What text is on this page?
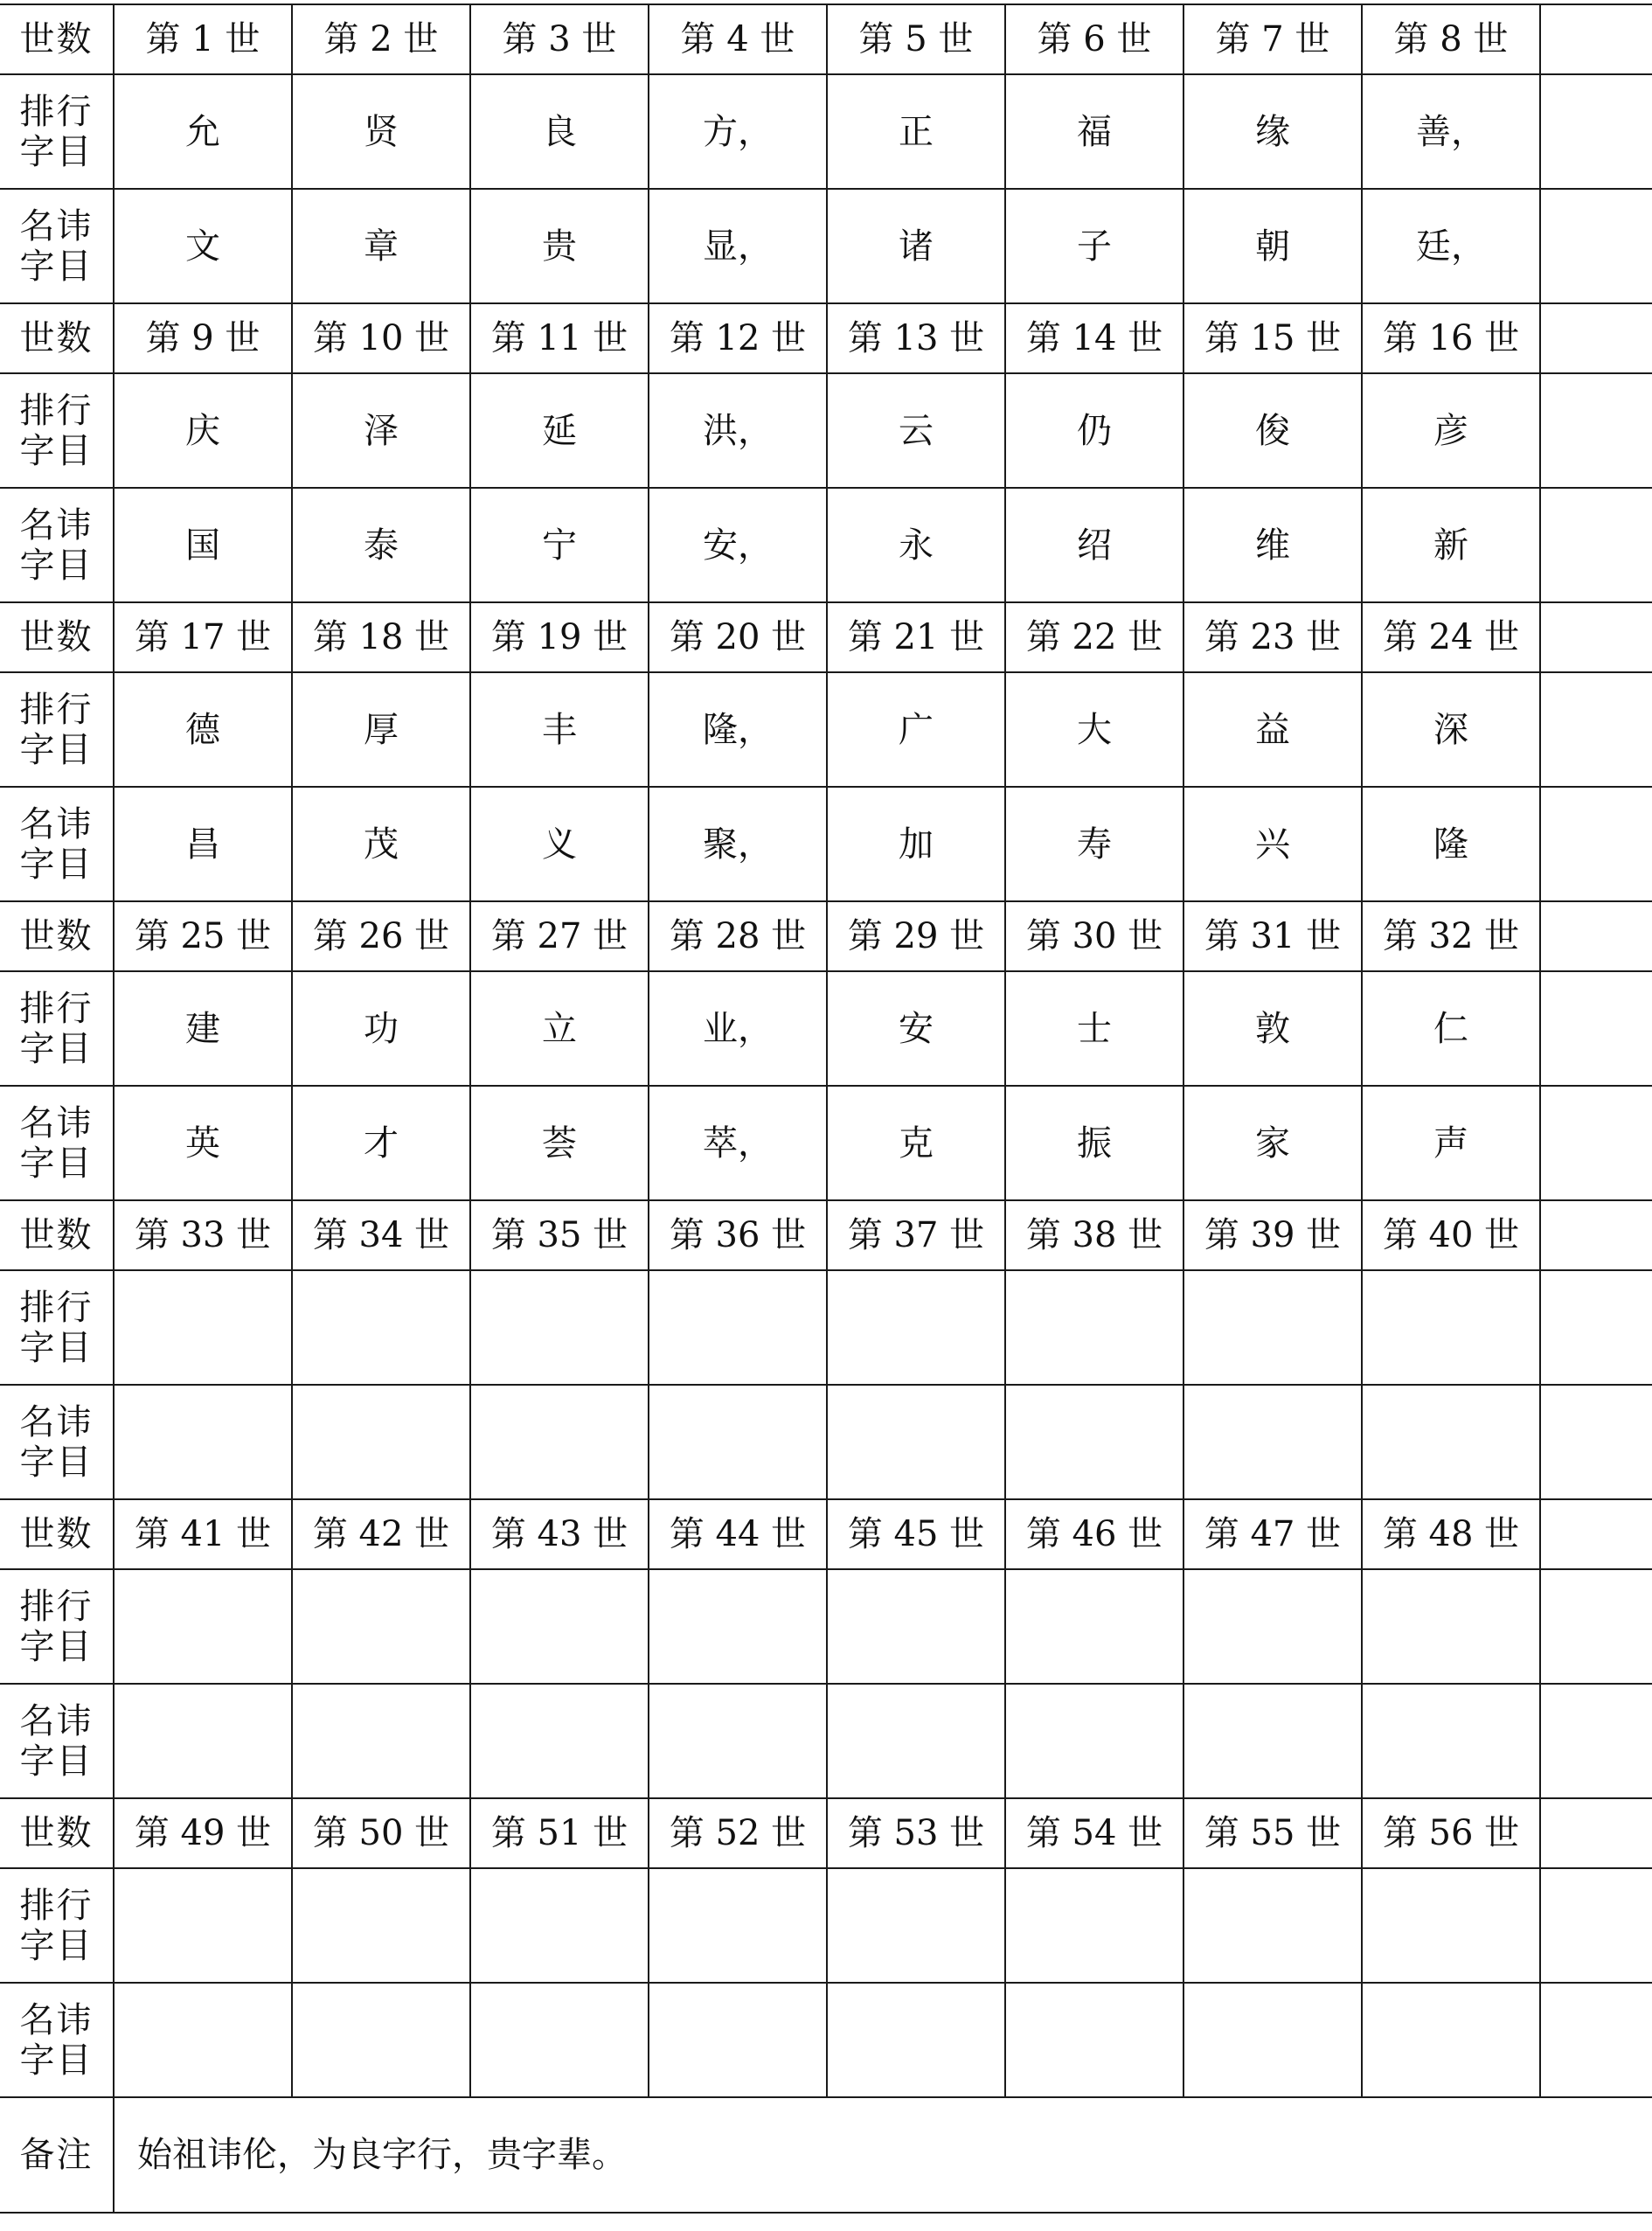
世数	第 1 世	第 2 世	第 3 世	第 4 世	第 5 世	第 6 世	第 7 世	第 8 世	
排行
字目	允	贤	良	方，	正	福	缘	善，	
名讳
字目	文	章	贵	显，	诸	子	朝	廷，	
世数	第 9 世	第 10 世	第 11 世	第 12 世	第 13 世	第 14 世	第 15 世	第 16 世	
排行
字目	庆	泽	延	洪，	云	仍	俊	彦	
名讳
字目	国	泰	宁	安，	永	绍	维	新	
世数	第 17 世	第 18 世	第 19 世	第 20 世	第 21 世	第 22 世	第 23 世	第 24 世	
排行
字目	德	厚	丰	隆，	广	大	益	深	
名讳
字目	昌	茂	义	聚，	加	寿	兴	隆	
世数	第 25 世	第 26 世	第 27 世	第 28 世	第 29 世	第 30 世	第 31 世	第 32 世	
排行
字目	建	功	立	业，	安	士	敦	仁	
名讳
字目	英	才	荟	萃，	克	振	家	声	
世数	第 33 世	第 34 世	第 35 世	第 36 世	第 37 世	第 38 世	第 39 世	第 40 世	
排行
字目									
名讳
字目									
世数	第 41 世	第 42 世	第 43 世	第 44 世	第 45 世	第 46 世	第 47 世	第 48 世	
排行
字目									
名讳
字目									
世数	第 49 世	第 50 世	第 51 世	第 52 世	第 53 世	第 54 世	第 55 世	第 56 世	
排行
字目									
名讳
字目									
备注	始祖讳伦，为良字行，贵字辈。								
